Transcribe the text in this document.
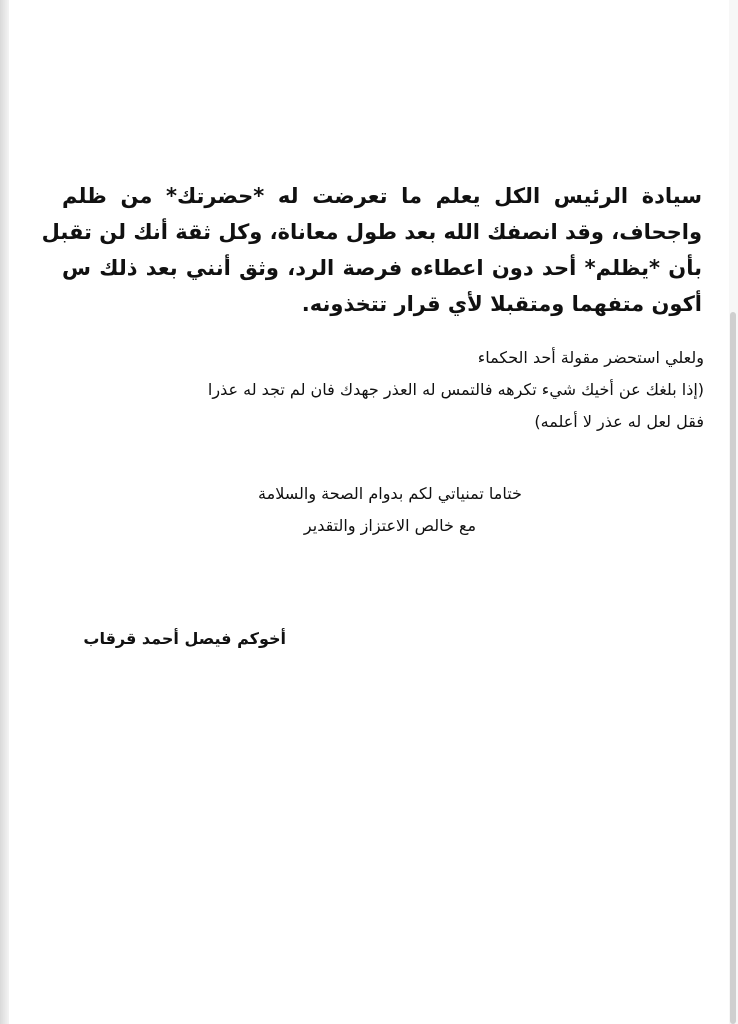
سيادة الرئيس الكل يعلم ما تعرضت له *حضرتك* من ظلم
واجحاف، وقد انصفك الله بعد طول معاناة، وكل ثقة أنك لن تقبل
بأن *يظلم* أحد دون اعطاءه فرصة الرد، وثق أنني بعد ذلك س
أكون متفهما ومتقبلا لأي قرار تتخذونه.
ولعلي استحضر مقولة أحد الحكماء
(إذا بلغك عن أخيك شيء تكرهه فالتمس له العذر جهدك فان لم تجد له عذرا
فقل لعل له عذر لا أعلمه)
ختاما تمنياتي لكم بدوام الصحة والسلامة
مع خالص الاعتزاز والتقدير
أخوكم فيصل أحمد قرقاب
